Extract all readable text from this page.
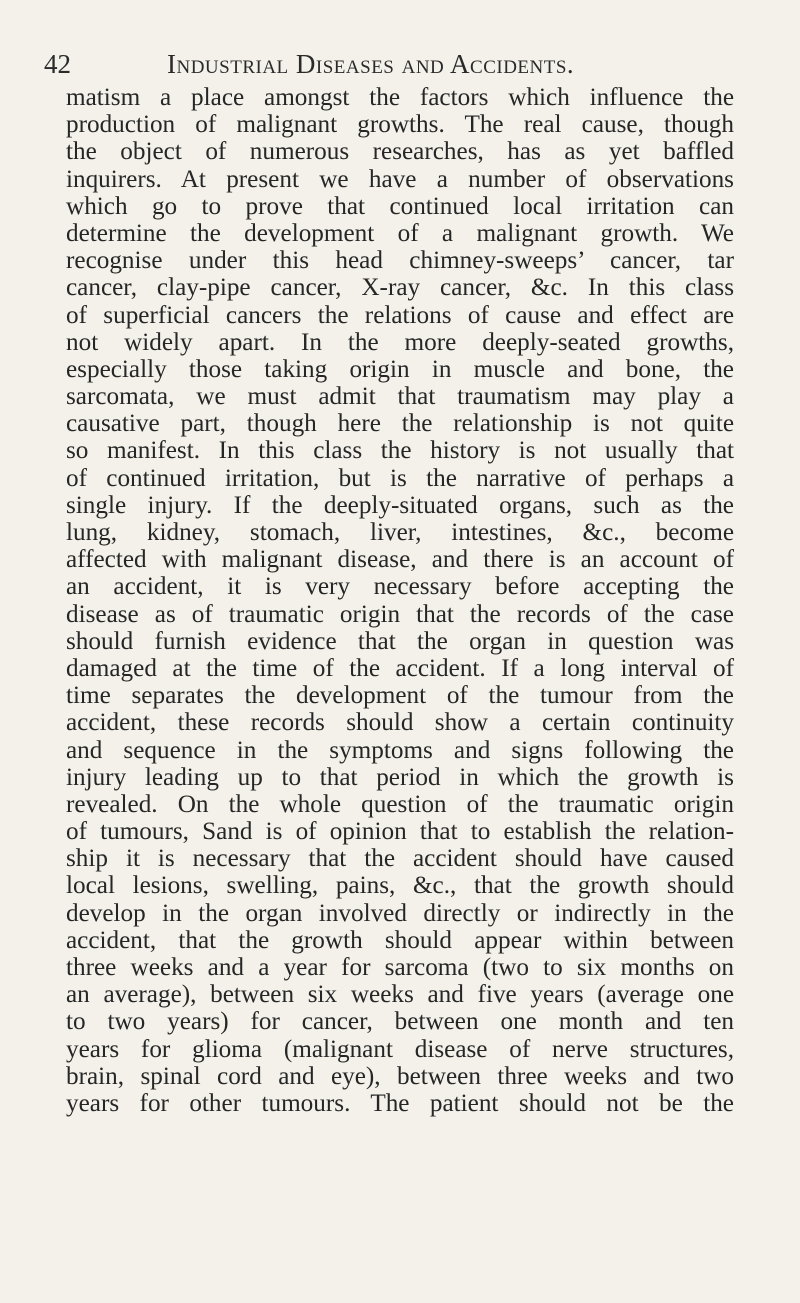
42	Industrial Diseases and Accidents.
matism a place amongst the factors which influence the
production of malignant growths. The real cause, though
the object of numerous researches, has as yet baffled
inquirers. At present we have a number of observations
which go to prove that continued local irritation can
determine the development of a malignant growth. We
recognise under this head chimney-sweeps’ cancer, tar
cancer, clay-pipe cancer, X-ray cancer, &c. In this class
of superficial cancers the relations of cause and effect are
not widely apart. In the more deeply-seated growths,
especially those taking origin in muscle and bone, the
sarcomata, we must admit that traumatism may play a
causative part, though here the relationship is not quite
so manifest. In this class the history is not usually that
of continued irritation, but is the narrative of perhaps a
single injury. If the deeply-situated organs, such as the
lung, kidney, stomach, liver, intestines, &c., become
affected with malignant disease, and there is an account of
an accident, it is very necessary before accepting the
disease as of traumatic origin that the records of the case
should furnish evidence that the organ in question was
damaged at the time of the accident. If a long interval of
time separates the development of the tumour from the
accident, these records should show a certain continuity
and sequence in the symptoms and signs following the
injury leading up to that period in which the growth is
revealed. On the whole question of the traumatic origin
of tumours, Sand is of opinion that to establish the relation-
ship it is necessary that the accident should have caused
local lesions, swelling, pains, &c., that the growth should
develop in the organ involved directly or indirectly in the
accident, that the growth should appear within between
three weeks and a year for sarcoma (two to six months on
an average), between six weeks and five years (average one
to two years) for cancer, between one month and ten
years for glioma (malignant disease of nerve structures,
brain, spinal cord and eye), between three weeks and two
years for other tumours. The patient should not be the
